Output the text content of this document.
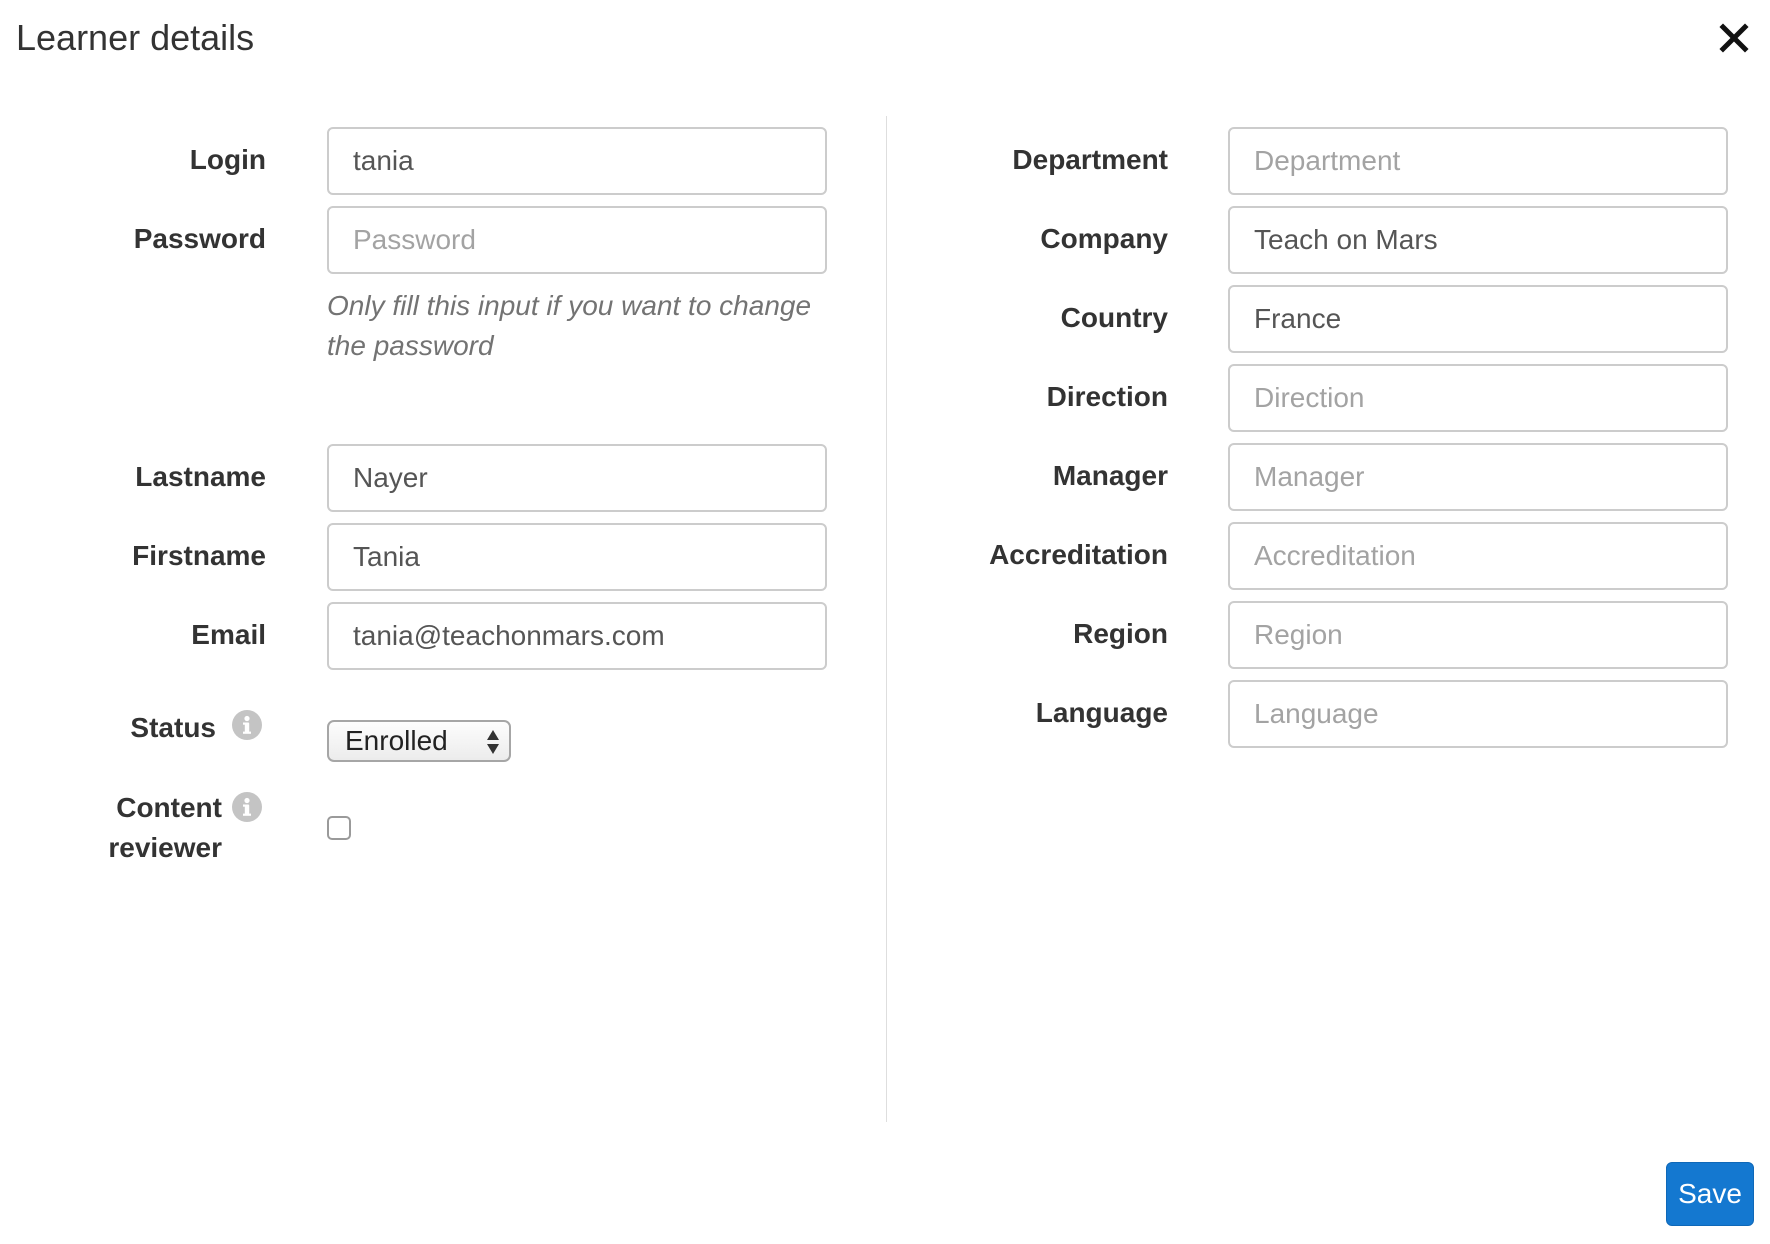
Learner details
Login
tania
Password
Only fill this input if you want to change the password
Lastname
Nayer
Firstname
Tania
Email
tania@teachonmars.com
Status	Enrolled
Content
reviewer
Department
Department
Company
Teach on Mars
Country
France
Direction
Direction
Manager
Manager
Accreditation
Accreditation
Region
Region
Language
Language
Save
